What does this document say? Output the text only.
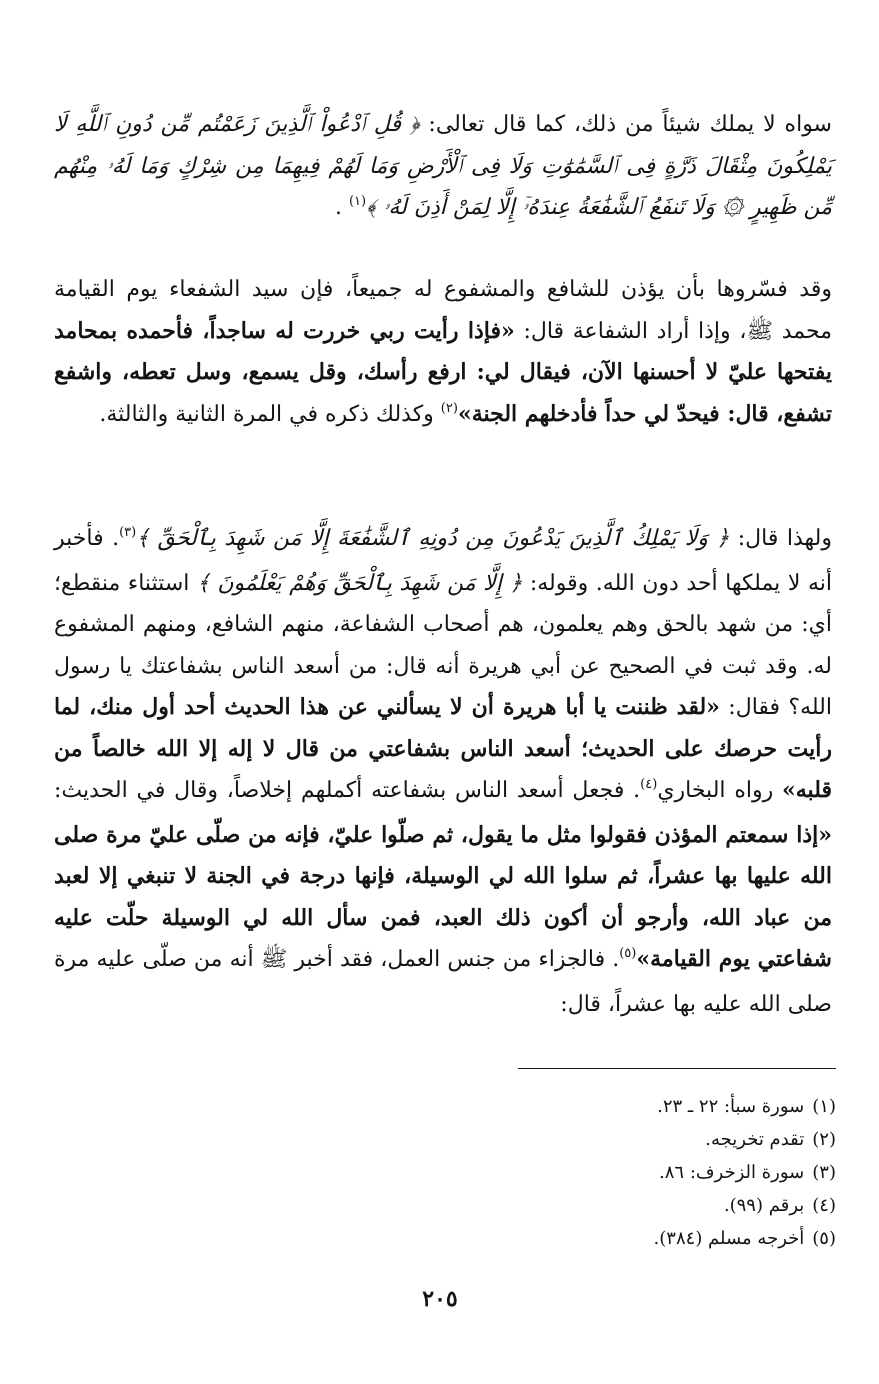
سواه لا يملك شيئاً من ذلك، كما قال تعالى: ﴿ قُلِ ٱدْعُواْ ٱلَّذِينَ زَعَمْتُم مِّن دُونِ ٱللَّهِ لَا يَمْلِكُونَ مِثْقَالَ ذَرَّةٍ فِى ٱلسَّمَٰوَٰتِ وَلَا فِى ٱلْأَرْضِ وَمَا لَهُمْ فِيهِمَا مِن شِرْكٍ وَمَا لَهُۥ مِنْهُم مِّن ظَهِيرٍ ۞ وَلَا تَنفَعُ ٱلشَّفَٰعَةُ عِندَهُۥٓ إِلَّا لِمَنْ أَذِنَ لَهُۥ ﴾$^{(١)}$ .

وقد فسّروها بأن يؤذن للشافع والمشفوع له جميعاً، فإن سيد الشفعاء يوم القيامة محمد ﷺ، وإذا أراد الشفاعة قال: «فإذا رأيت ربي خررت له ساجداً، فأحمده بمحامد يفتحها عليّ لا أحسنها الآن، فيقال لي: ارفع رأسك، وقل يسمع، وسل تعطه، واشفع تشفع، قال: فيحدّ لي حداً فأدخلهم الجنة»$^{(٢)}$ وكذلك ذكره في المرة الثانية والثالثة.

ولهذا قال: ﴿ وَلَا يَمْلِكُ ٱلَّذِينَ يَدْعُونَ مِن دُونِهِ ٱلشَّفَٰعَةَ إِلَّا مَن شَهِدَ بِٱلْحَقِّ ﴾$^{(٣)}$. فأخبر أنه لا يملكها أحد دون الله. وقوله: ﴿ إِلَّا مَن شَهِدَ بِٱلْحَقِّ وَهُمْ يَعْلَمُونَ ﴾ استثناء منقطع؛ أي: من شهد بالحق وهم يعلمون، هم أصحاب الشفاعة، منهم الشافع، ومنهم المشفوع له. وقد ثبت في الصحيح عن أبي هريرة أنه قال: من أسعد الناس بشفاعتك يا رسول الله؟ فقال: «لقد ظننت يا أبا هريرة أن لا يسألني عن هذا الحديث أحد أول منك، لما رأيت حرصك على الحديث؛ أسعد الناس بشفاعتي من قال لا إله إلا الله خالصاً من قلبه» رواه البخاري$^{(٤)}$. فجعل أسعد الناس بشفاعته أكملهم إخلاصاً، وقال في الحديث: «إذا سمعتم المؤذن فقولوا مثل ما يقول، ثم صلّوا عليّ، فإنه من صلّى عليّ مرة صلى الله عليها بها عشراً، ثم سلوا الله لي الوسيلة، فإنها درجة في الجنة لا تنبغي إلا لعبد من عباد الله، وأرجو أن أكون ذلك العبد، فمن سأل الله لي الوسيلة حلّت عليه شفاعتي يوم القيامة»$^{(٥)}$. فالجزاء من جنس العمل، فقد أخبر ﷺ أنه من صلّى عليه مرة صلى الله عليه بها عشراً، قال:

(١)سورة سبأ: ٢٢ ـ ٢٣.
(٢)تقدم تخريجه.
(٣)سورة الزخرف: ٨٦.
(٤)برقم (٩٩).
(٥)أخرجه مسلم (٣٨٤).
٢٠٥
